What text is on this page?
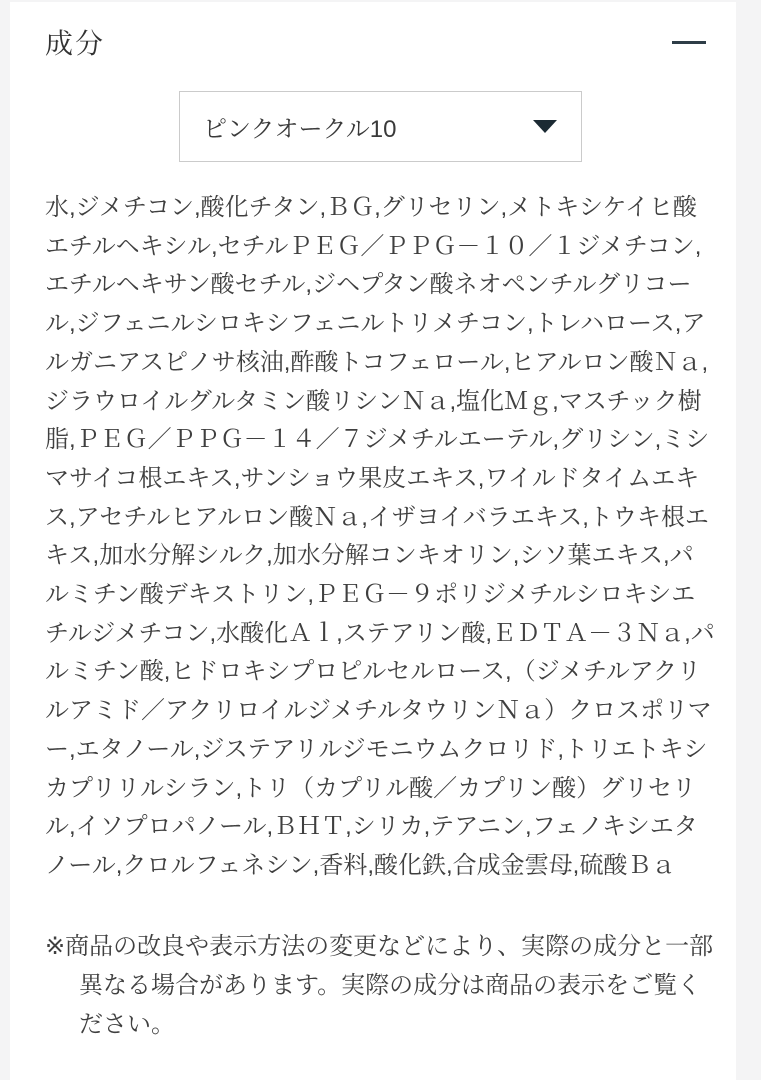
成分
ピンクオークル10

水,ジメチコン,酸化チタン,ＢＧ,グリセリン,メトキシケイヒ酸エチルヘキシル,セチルＰＥＧ／ＰＰＧ－１０／１ジメチコン,エチルヘキサン酸セチル,ジヘプタン酸ネオペンチルグリコール,ジフェニルシロキシフェニルトリメチコン,トレハロース,アルガニアスピノサ核油,酢酸トコフェロール,ヒアルロン酸Ｎａ,ジラウロイルグルタミン酸リシンＮａ,塩化Ｍｇ,マスチック樹脂,ＰＥＧ／ＰＰＧ－１４／７ジメチルエーテル,グリシン,ミシマサイコ根エキス,サンショウ果皮エキス,ワイルドタイムエキス,アセチルヒアルロン酸Ｎａ,イザヨイバラエキス,トウキ根エキス,加水分解シルク,加水分解コンキオリン,シソ葉エキス,パルミチン酸デキストリン,ＰＥＧ－９ポリジメチルシロキシエチルジメチコン,水酸化Ａｌ,ステアリン酸,ＥＤＴＡ－３Ｎａ,パルミチン酸,ヒドロキシプロピルセルロース,（ジメチルアクリルアミド／アクリロイルジメチルタウリンＮａ）クロスポリマー,エタノール,ジステアリルジモニウムクロリド,トリエトキシカプリリルシラン,トリ（カプリル酸／カプリン酸）グリセリル,イソプロパノール,ＢＨＴ,シリカ,テアニン,フェノキシエタノール,クロルフェネシン,香料,酸化鉄,合成金雲母,硫酸Ｂａ

※商品の改良や表示方法の変更などにより、実際の成分と一部異なる場合があります。実際の成分は商品の表示をご覧ください。
